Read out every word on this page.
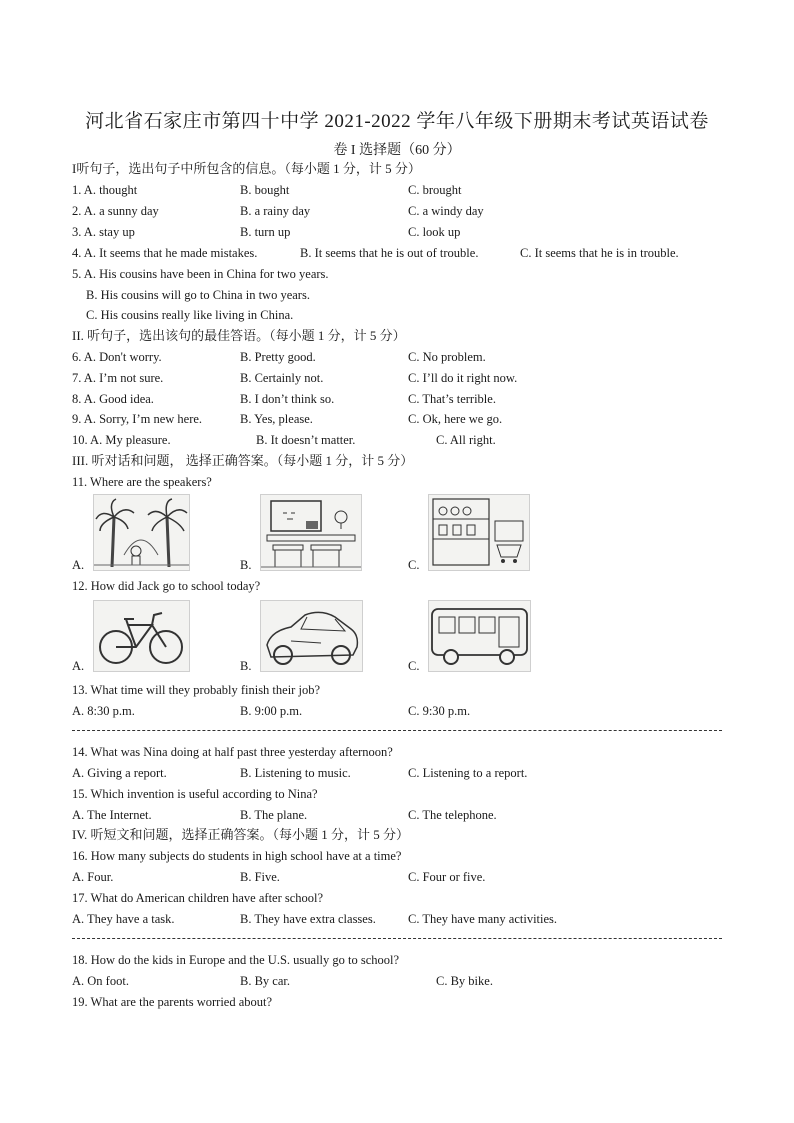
河北省石家庄市第四十中学 2021-2022 学年八年级下册期末考试英语试卷
卷 I 选择题（60 分）
I听句子，选出句子中所包含的信息。（每小题 1 分，计 5 分）
1. A. thought	B. bought	C. brought
2. A. a sunny day	B. a rainy day	C. a windy day
3. A. stay up	B. turn up	C. look up
4. A. It seems that he made mistakes.	B. It seems that he is out of trouble.	C. It seems that he is in trouble.
5. A. His cousins have been in China for two years.
B. His cousins will go to China in two years.
C. His cousins really like living in China.
II. 听句子，选出该句的最佳答语。（每小题 1 分，计 5 分）
6. A. Don't worry.	B. Pretty good.	C. No problem.
7. A. I’m not sure.	B. Certainly not.	C. I’ll do it right now.
8. A. Good idea.	B. I don’t think so.	C. That’s terrible.
9. A. Sorry, I’m new here.	B. Yes, please.	C. Ok, here we go.
10. A. My pleasure.	B. It doesn’t matter.	C. All right.
III. 听对话和问题， 选择正确答案。（每小题 1 分，计 5 分）
11. Where are the speakers?
A.	B.	C.
12. How did Jack go to school today?
A.	B.	C.
13. What time will they probably finish their job?
A. 8:30 p.m.	B. 9:00 p.m.	C. 9:30 p.m.
14. What was Nina doing at half past three yesterday afternoon?
A. Giving a report.	B. Listening to music.	C. Listening to a report.
15. Which invention is useful according to Nina?
A. The Internet.	B. The plane.	C. The telephone.
IV. 听短文和问题，选择正确答案。（每小题 1 分，计 5 分）
16. How many subjects do students in high school have at a time?
A. Four.	B. Five.	C. Four or five.
17. What do American children have after school?
A. They have a task.	B. They have extra classes.	C. They have many activities.
18. How do the kids in Europe and the U.S. usually go to school?
A. On foot.	B. By car.	C. By bike.
19. What are the parents worried about?
